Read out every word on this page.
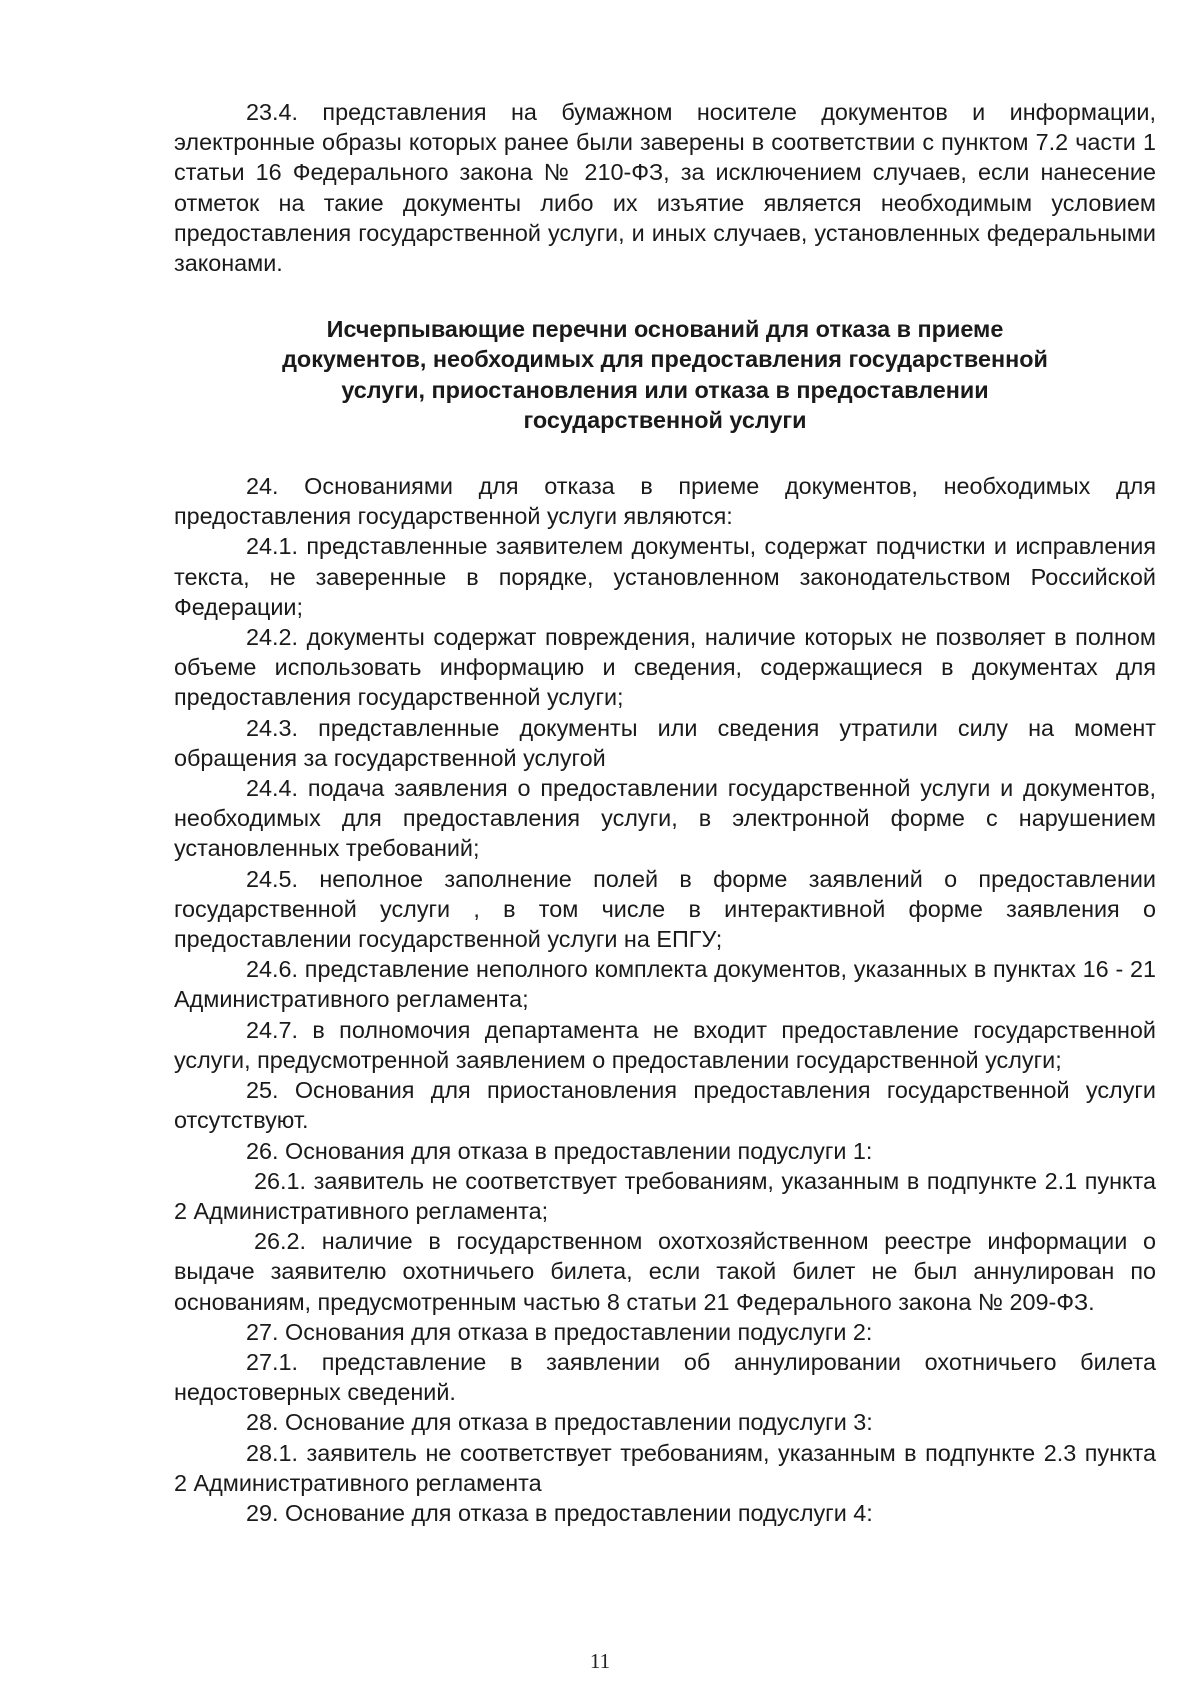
23.4. представления на бумажном носителе документов и информации, электронные образы которых ранее были заверены в соответствии с пунктом 7.2 части 1 статьи 16 Федерального закона № 210-ФЗ, за исключением случаев, если нанесение отметок на такие документы либо их изъятие является необходимым условием предоставления государственной услуги, и иных случаев, установленных федеральными законами.

Исчерпывающие перечни оснований для отказа в приеме
документов, необходимых для предоставления государственной
услуги, приостановления или отказа в предоставлении
государственной услуги

24. Основаниями для отказа в приеме документов, необходимых для предоставления государственной услуги являются:

24.1. представленные заявителем документы, содержат подчистки и исправления текста, не заверенные в порядке, установленном законодательством Российской Федерации;

24.2. документы содержат повреждения, наличие которых не позволяет в полном объеме использовать информацию и сведения, содержащиеся в документах для предоставления государственной услуги;

24.3. представленные документы или сведения утратили силу на момент обращения за государственной услугой

24.4. подача заявления о предоставлении государственной услуги и документов, необходимых для предоставления услуги, в электронной форме с нарушением установленных требований;

24.5. неполное заполнение полей в форме заявлений о предоставлении государственной услуги , в том числе в интерактивной форме заявления о предоставлении государственной услуги на ЕПГУ;

24.6. представление неполного комплекта документов, указанных в пунктах 16 - 21 Административного регламента;

24.7. в полномочия департамента не входит предоставление государственной услуги, предусмотренной заявлением о предоставлении государственной услуги;

25. Основания для приостановления предоставления государственной услуги отсутствуют.

26. Основания для отказа в предоставлении подуслуги 1:

26.1. заявитель не соответствует требованиям, указанным в подпункте 2.1 пункта 2 Административного регламента;

26.2. наличие в государственном охотхозяйственном реестре информации о выдаче заявителю охотничьего билета, если такой билет не был аннулирован по основаниям, предусмотренным частью 8 статьи 21 Федерального закона № 209-ФЗ.

27. Основания для отказа в предоставлении подуслуги 2:

27.1. представление в заявлении об аннулировании охотничьего билета недостоверных сведений.

28. Основание для отказа в предоставлении подуслуги 3:

28.1. заявитель не соответствует требованиям, указанным в подпункте 2.3 пункта 2 Административного регламента

29. Основание для отказа в предоставлении подуслуги 4:

11
